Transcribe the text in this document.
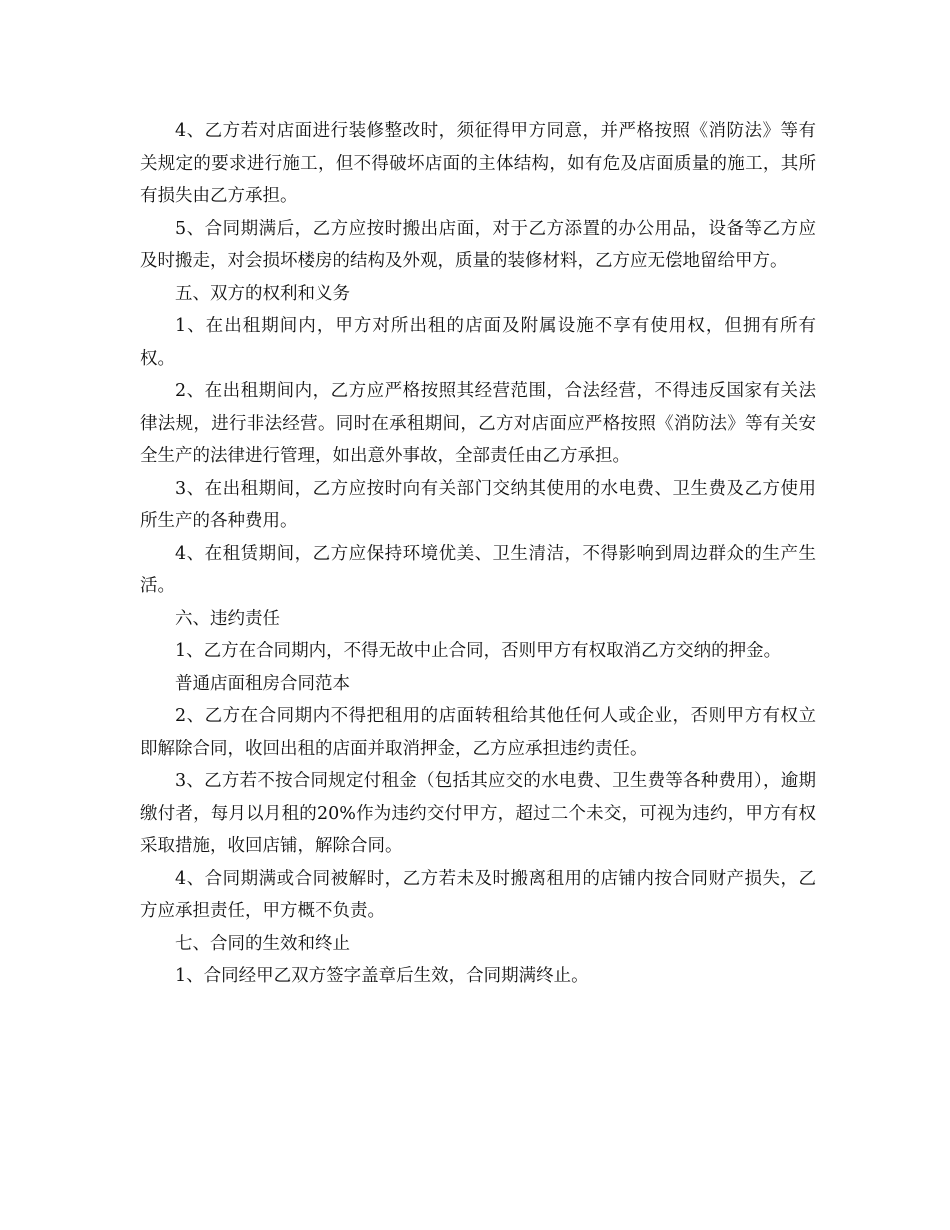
4、乙方若对店面进行装修整改时，须征得甲方同意，并严格按照《消防法》等有关规定的要求进行施工，但不得破坏店面的主体结构，如有危及店面质量的施工，其所有损失由乙方承担。

5、合同期满后，乙方应按时搬出店面，对于乙方添置的办公用品，设备等乙方应及时搬走，对会损坏楼房的结构及外观，质量的装修材料，乙方应无偿地留给甲方。

五、双方的权利和义务

1、在出租期间内，甲方对所出租的店面及附属设施不享有使用权，但拥有所有权。

2、在出租期间内，乙方应严格按照其经营范围，合法经营，不得违反国家有关法律法规，进行非法经营。同时在承租期间，乙方对店面应严格按照《消防法》等有关安全生产的法律进行管理，如出意外事故，全部责任由乙方承担。

3、在出租期间，乙方应按时向有关部门交纳其使用的水电费、卫生费及乙方使用所生产的各种费用。

4、在租赁期间，乙方应保持环境优美、卫生清洁，不得影响到周边群众的生产生活。

六、违约责任

1、乙方在合同期内，不得无故中止合同，否则甲方有权取消乙方交纳的押金。

普通店面租房合同范本

2、乙方在合同期内不得把租用的店面转租给其他任何人或企业，否则甲方有权立即解除合同，收回出租的店面并取消押金，乙方应承担违约责任。

3、乙方若不按合同规定付租金（包括其应交的水电费、卫生费等各种费用），逾期缴付者，每月以月租的20%作为违约交付甲方，超过二个未交，可视为违约，甲方有权采取措施，收回店铺，解除合同。

4、合同期满或合同被解时，乙方若未及时搬离租用的店铺内按合同财产损失，乙方应承担责任，甲方概不负责。

七、合同的生效和终止

1、合同经甲乙双方签字盖章后生效，合同期满终止。
